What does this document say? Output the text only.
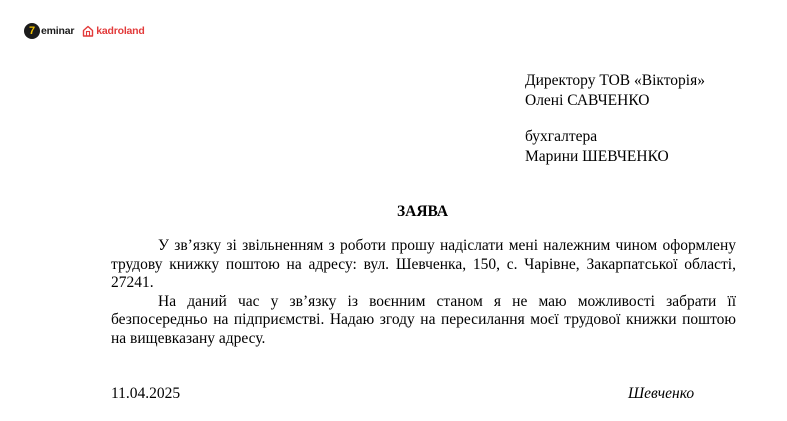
7 eminar kadroland
Директору ТОВ «Вікторія»
Олені САВЧЕНКО
бухгалтера
Марини ШЕВЧЕНКО
ЗАЯВА

У зв’язку зі звільненням з роботи прошу надіслати мені належним чином оформлену трудову книжку поштою на адресу: вул. Шевченка, 150, с. Чарівне, Закарпатської області, 27241.

На даний час у зв’язку із воєнним станом я не маю можливості забрати її безпосередньо на підприємстві. Надаю згоду на пересилання моєї трудової книжки поштою на вищевказану адресу.

11.04.2025	Шевченко
